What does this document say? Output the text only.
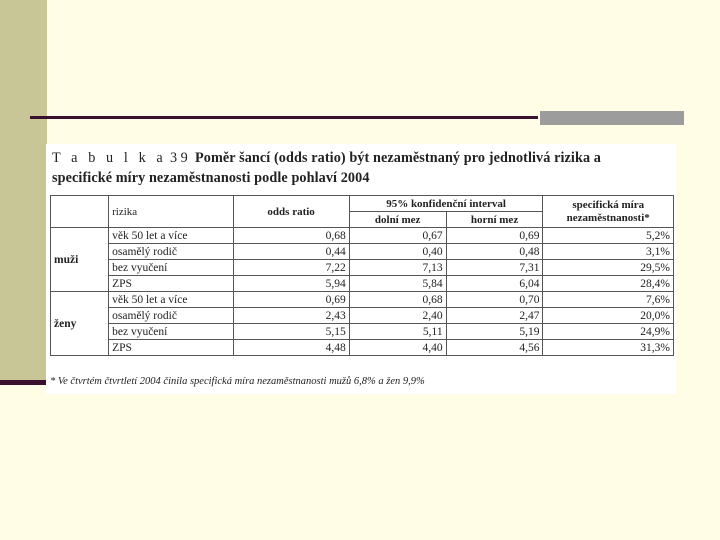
T a b u l k a 39 Poměr šancí (odds ratio) být nezaměstnaný pro jednotlivá rizika a
specifické míry nezaměstnanosti podle pohlaví 2004
	rizika	odds ratio	95% konfidenční interval		specifická míra nezaměstnanosti*
			dolní mez	horní mez	
muži	věk 50 let a více	0,68	0,67	0,69	5,2%
	osamělý rodič	0,44	0,40	0,48	3,1%
	bez vyučení	7,22	7,13	7,31	29,5%
	ZPS	5,94	5,84	6,04	28,4%
ženy	věk 50 let a více	0,69	0,68	0,70	7,6%
	osamělý rodič	2,43	2,40	2,47	20,0%
	bez vyučení	5,15	5,11	5,19	24,9%
	ZPS	4,48	4,40	4,56	31,3%
* Ve čtvrtém čtvrtletí 2004 činila specifická míra nezaměstnanosti mužů 6,8% a žen 9,9%
